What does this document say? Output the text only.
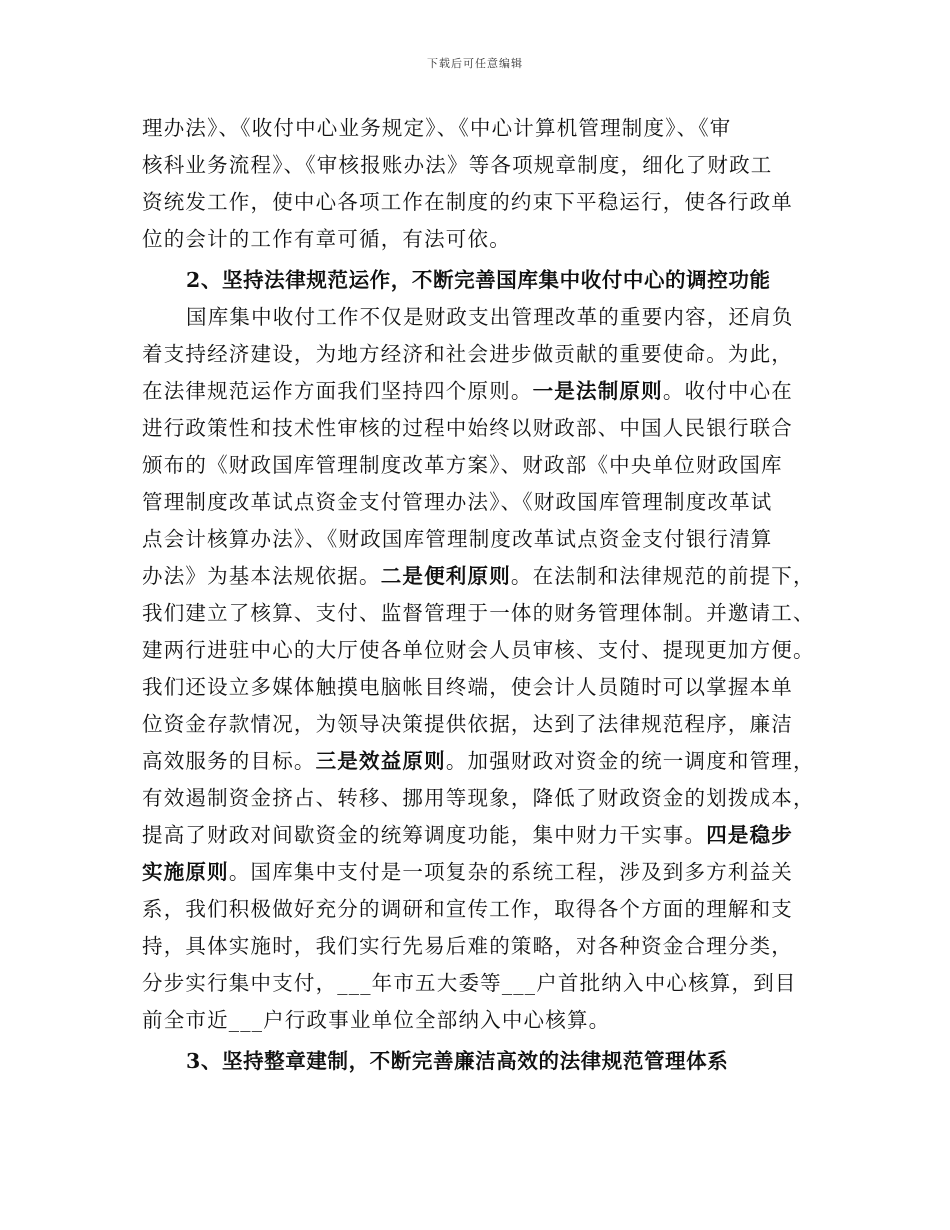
下载后可任意编辑
理办法》、《收付中心业务规定》、《中心计算机管理制度》、《审
核科业务流程》、《审核报账办法》等各项规章制度，细化了财政工
资统发工作，使中心各项工作在制度的约束下平稳运行，使各行政单
位的会计的工作有章可循，有法可依。
2、坚持法律规范运作，不断完善国库集中收付中心的调控功能
国库集中收付工作不仅是财政支出管理改革的重要内容，还肩负
着支持经济建设，为地方经济和社会进步做贡献的重要使命。为此，
在法律规范运作方面我们坚持四个原则。一是法制原则。收付中心在
进行政策性和技术性审核的过程中始终以财政部、中国人民银行联合
颁布的《财政国库管理制度改革方案》、财政部《中央单位财政国库
管理制度改革试点资金支付管理办法》、《财政国库管理制度改革试
点会计核算办法》、《财政国库管理制度改革试点资金支付银行清算
办法》为基本法规依据。二是便利原则。在法制和法律规范的前提下，
我们建立了核算、支付、监督管理于一体的财务管理体制。并邀请工、
建两行进驻中心的大厅使各单位财会人员审核、支付、提现更加方便。
我们还设立多媒体触摸电脑帐目终端，使会计人员随时可以掌握本单
位资金存款情况，为领导决策提供依据，达到了法律规范程序，廉洁
高效服务的目标。三是效益原则。加强财政对资金的统一调度和管理，
有效遏制资金挤占、转移、挪用等现象，降低了财政资金的划拨成本，
提高了财政对间歇资金的统筹调度功能，集中财力干实事。四是稳步
实施原则。国库集中支付是一项复杂的系统工程，涉及到多方利益关
系，我们积极做好充分的调研和宣传工作，取得各个方面的理解和支
持，具体实施时，我们实行先易后难的策略，对各种资金合理分类，
分步实行集中支付，___年市五大委等___户首批纳入中心核算，到目
前全市近___户行政事业单位全部纳入中心核算。
3、坚持整章建制，不断完善廉洁高效的法律规范管理体系
